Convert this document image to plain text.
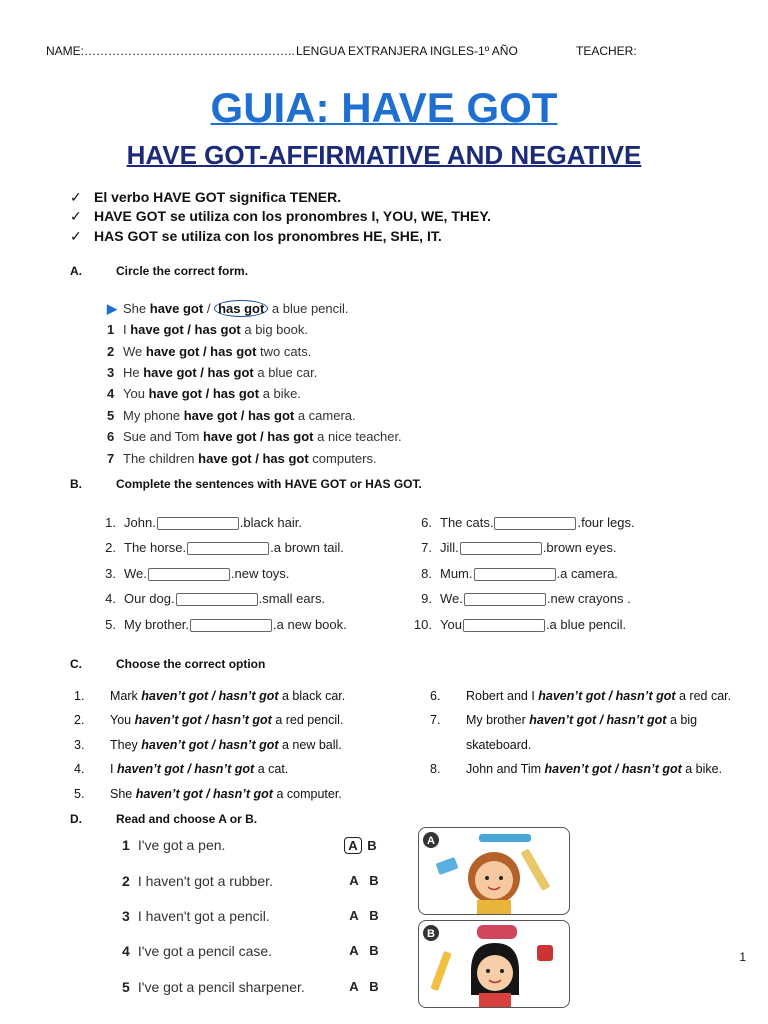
NAME:…………………………………………….. LENGUA EXTRANJERA INGLES-1º AÑO	TEACHER:
GUIA: HAVE GOT
HAVE GOT-AFFIRMATIVE AND NEGATIVE
✓ El verbo HAVE GOT significa TENER.
✓ HAVE GOT se utiliza con los pronombres I, YOU, WE, THEY.
✓ HAS GOT se utiliza con los pronombres HE, SHE, IT.
A.	Circle the correct form.
▶ She have got / has got a blue pencil.
1 I have got / has got a big book.
2 We have got / has got two cats.
3 He have got / has got a blue car.
4 You have got / has got a bike.
5 My phone have got / has got a camera.
6 Sue and Tom have got / has got a nice teacher.
7 The children have got / has got computers.
B.	Complete the sentences with HAVE GOT or HAS GOT.
1. John.	.black hair.
2. The horse.	.a brown tail.
3. We.	.new toys.
4. Our dog.	.small ears.
5. My brother.	.a new book.
6. The cats.	.four legs.
7. Jill.	.brown eyes.
8. Mum.	.a camera.
9. We.	.new crayons .
10. You	.a blue pencil.
C.	Choose the correct option
1. Mark haven’t got / hasn’t got a black car.
2. You haven’t got / hasn’t got a red pencil.
3. They haven’t got / hasn’t got a new ball.
4. I haven’t got / hasn’t got a cat.
5. She haven’t got / hasn’t got a computer.
6. Robert and I haven’t got / hasn’t got a red car.
7. My brother haven’t got / hasn’t got a big
8. John and Tim haven’t got / hasn’t got a bike.
skateboard.
D.	Read and choose A or B.
1 I've got a pen.	A B
2 I haven't got a rubber.	A B
3 I haven't got a pencil.	A B
4 I've got a pencil case.	A B
5 I've got a pencil sharpener.	A B
A
B
1
